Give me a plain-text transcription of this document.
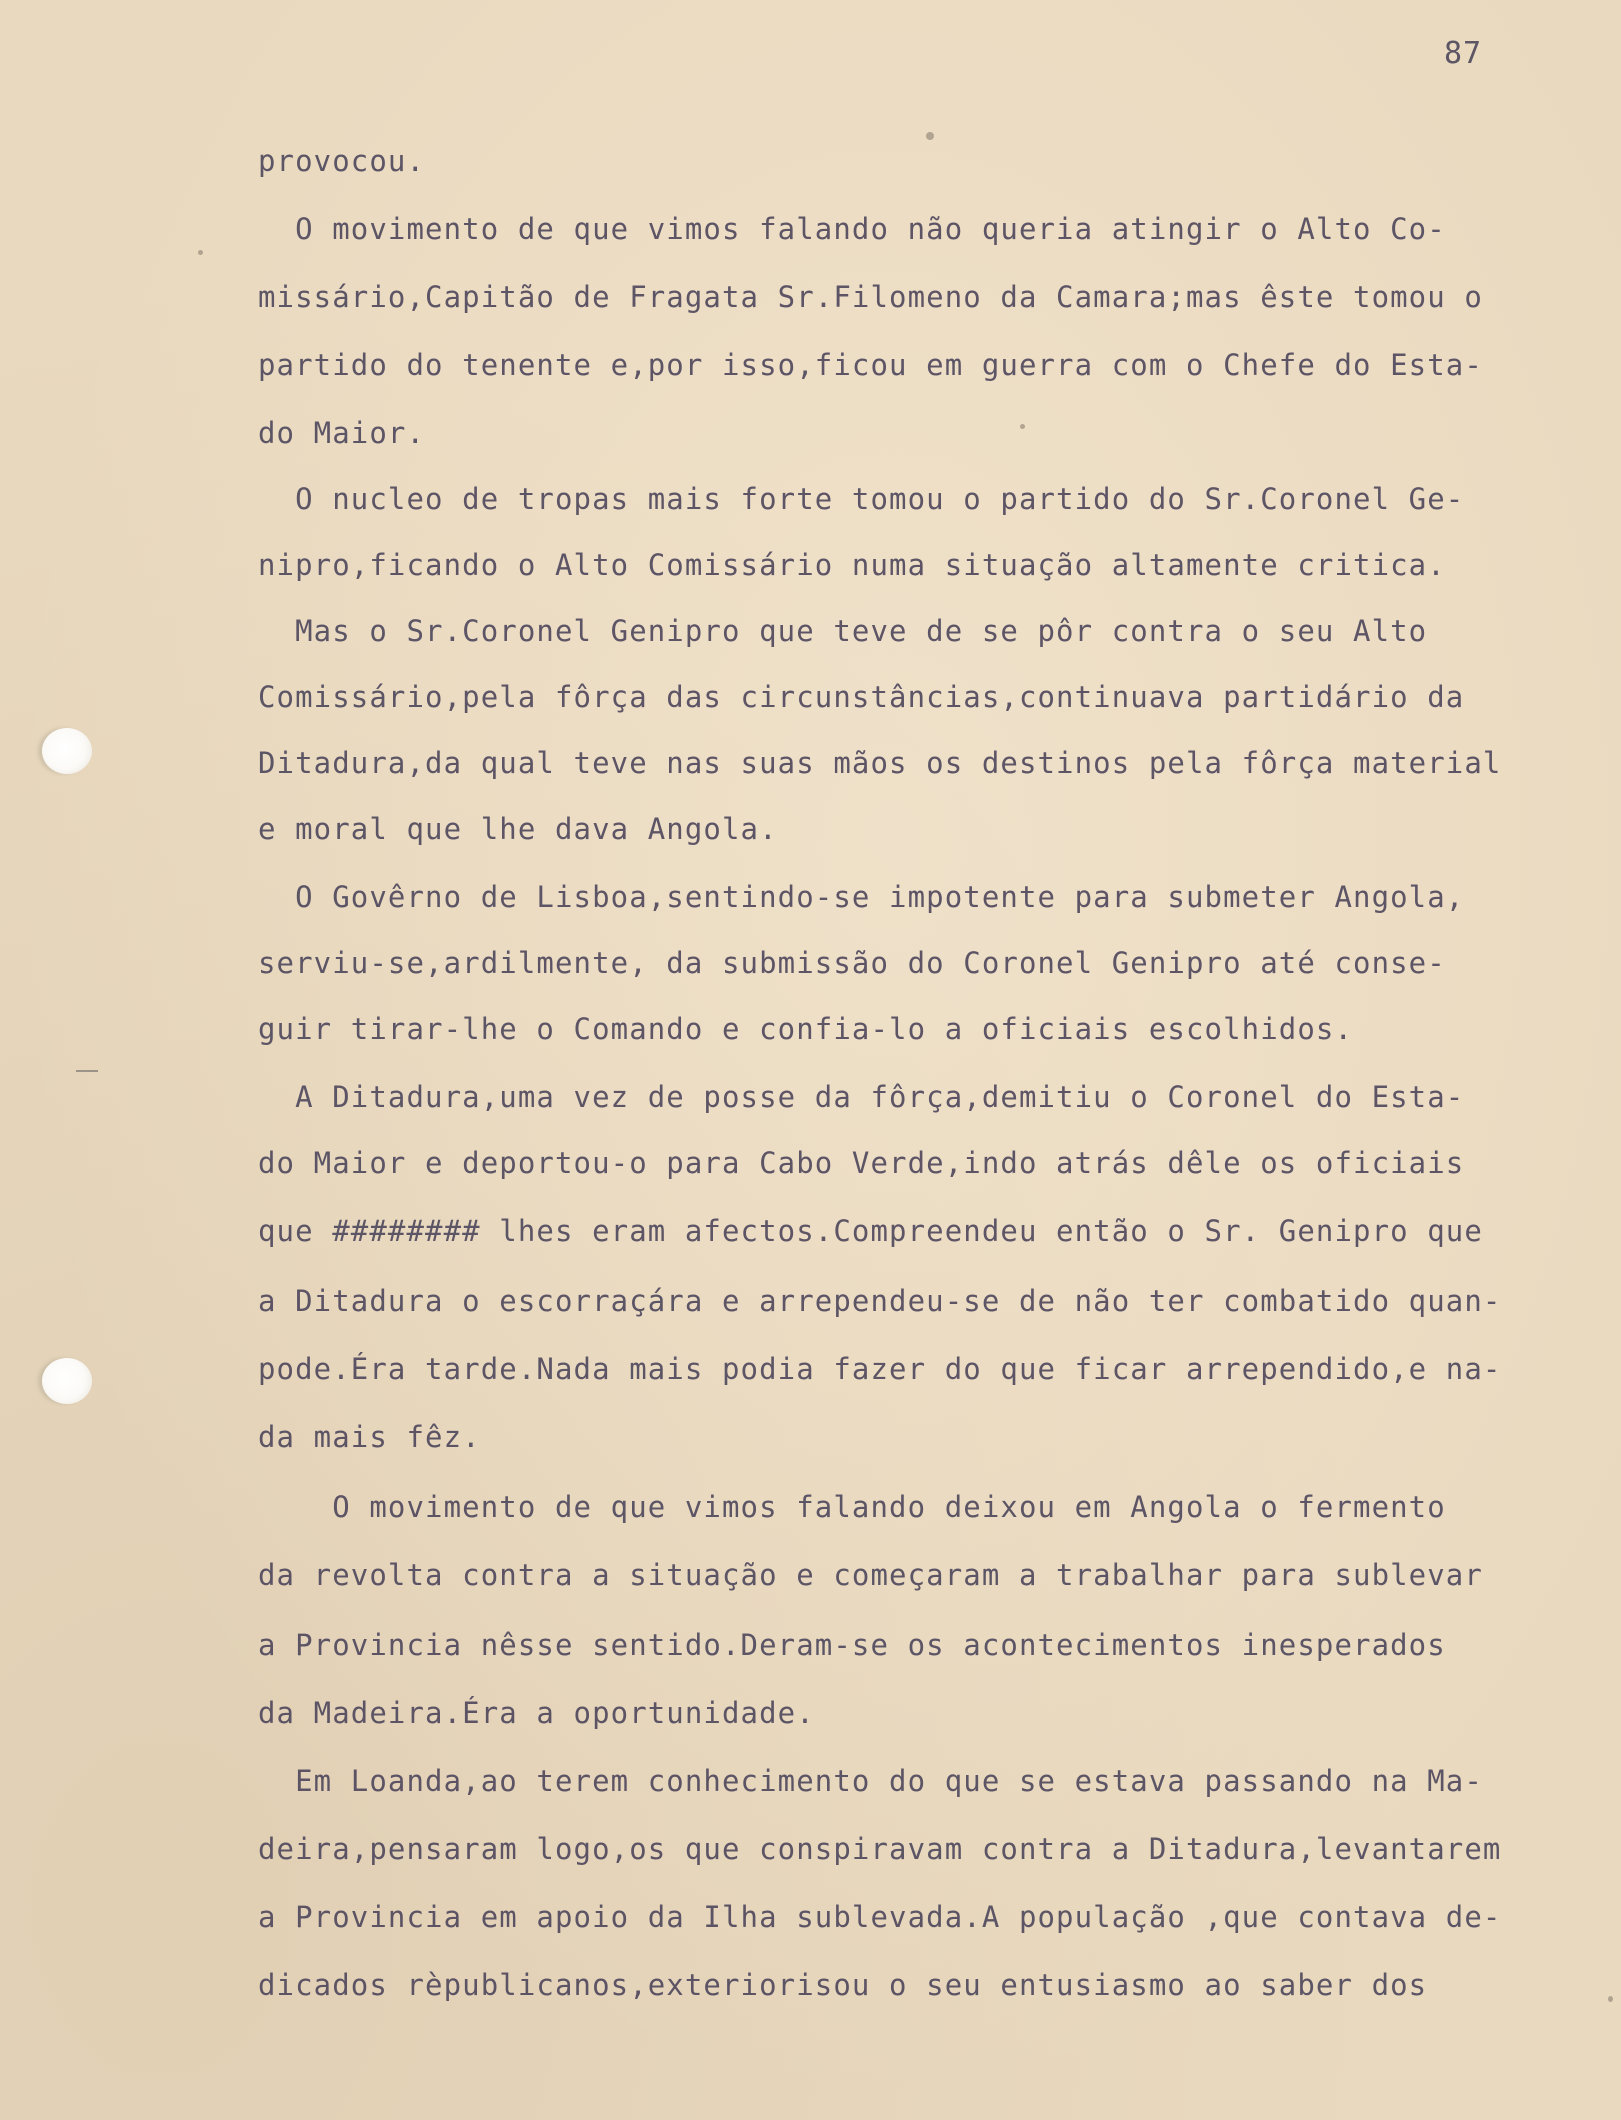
87
provocou.
O movimento de que vimos falando não queria atingir o Alto Co-
missário,Capitão de Fragata Sr.Filomeno da Camara;mas êste tomou o
partido do tenente e,por isso,ficou em guerra com o Chefe do Esta-
do Maior.
O nucleo de tropas mais forte tomou o partido do Sr.Coronel Ge-
nipro,ficando o Alto Comissário numa situação altamente critica.
Mas o Sr.Coronel Genipro que teve de se pôr contra o seu Alto
Comissário,pela fôrça das circunstâncias,continuava partidário da
Ditadura,da qual teve nas suas mãos os destinos pela fôrça material
e moral que lhe dava Angola.
O Govêrno de Lisboa,sentindo-se impotente para submeter Angola,
serviu-se,ardilmente, da submissão do Coronel Genipro até conse-
guir tirar-lhe o Comando e confia-lo a oficiais escolhidos.
A Ditadura,uma vez de posse da fôrça,demitiu o Coronel do Esta-
do Maior e deportou-o para Cabo Verde,indo atrás dêle os oficiais
que ######## lhes eram afectos.Compreendeu então o Sr. Genipro que
a Ditadura o escorraçára e arrependeu-se de não ter combatido quan-
pode.Éra tarde.Nada mais podia fazer do que ficar arrependido,e na-
da mais fêz.
O movimento de que vimos falando deixou em Angola o fermento
da revolta contra a situação e começaram a trabalhar para sublevar
a Provincia nêsse sentido.Deram-se os acontecimentos inesperados
da Madeira.Éra a oportunidade.
Em Loanda,ao terem conhecimento do que se estava passando na Ma-
deira,pensaram logo,os que conspiravam contra a Ditadura,levantarem
a Provincia em apoio da Ilha sublevada.A população ,que contava de-
dicados rèpublicanos,exteriorisou o seu entusiasmo ao saber dos
